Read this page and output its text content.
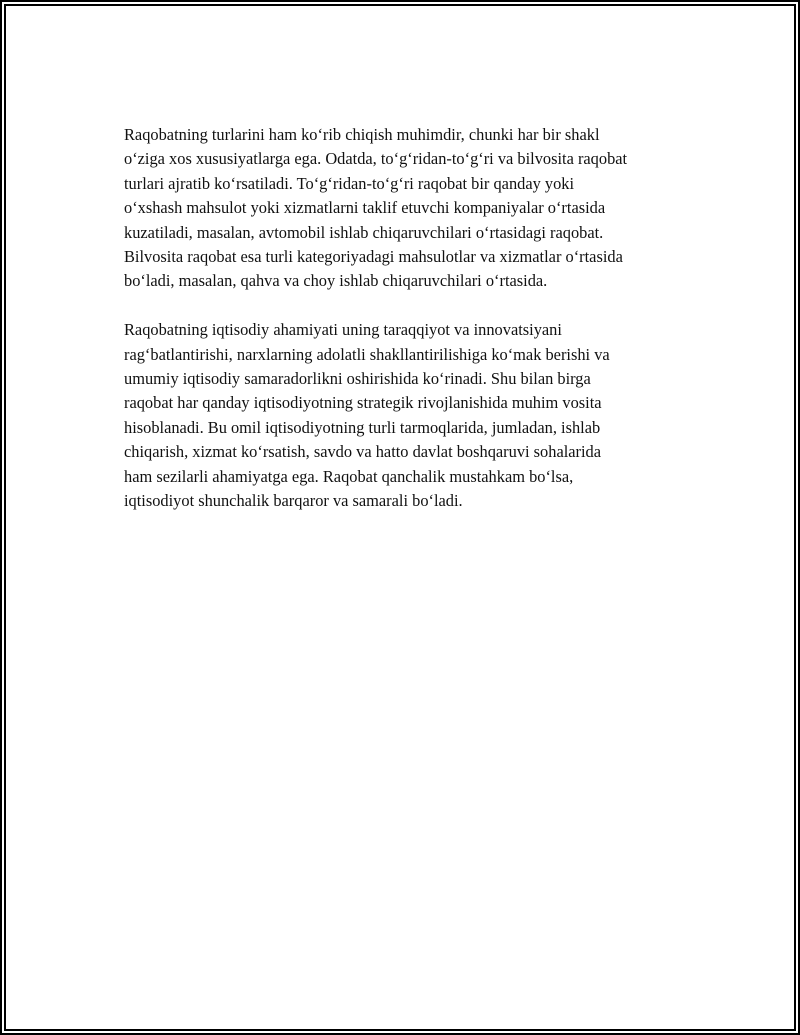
Raqobatning turlarini ham ko‘rib chiqish muhimdir, chunki har bir shakl
o‘ziga xos xususiyatlarga ega. Odatda, to‘g‘ridan-to‘g‘ri va bilvosita raqobat
turlari ajratib ko‘rsatiladi. To‘g‘ridan-to‘g‘ri raqobat bir qanday yoki
o‘xshash mahsulot yoki xizmatlarni taklif etuvchi kompaniyalar o‘rtasida
kuzatiladi, masalan, avtomobil ishlab chiqaruvchilari o‘rtasidagi raqobat.
Bilvosita raqobat esa turli kategoriyadagi mahsulotlar va xizmatlar o‘rtasida
bo‘ladi, masalan, qahva va choy ishlab chiqaruvchilari o‘rtasida.

Raqobatning iqtisodiy ahamiyati uning taraqqiyot va innovatsiyani
rag‘batlantirishi, narxlarning adolatli shakllantirilishiga ko‘mak berishi va
umumiy iqtisodiy samaradorlikni oshirishida ko‘rinadi. Shu bilan birga
raqobat har qanday iqtisodiyotning strategik rivojlanishida muhim vosita
hisoblanadi. Bu omil iqtisodiyotning turli tarmoqlarida, jumladan, ishlab
chiqarish, xizmat ko‘rsatish, savdo va hatto davlat boshqaruvi sohalarida
ham sezilarli ahamiyatga ega. Raqobat qanchalik mustahkam bo‘lsa,
iqtisodiyot shunchalik barqaror va samarali bo‘ladi.
